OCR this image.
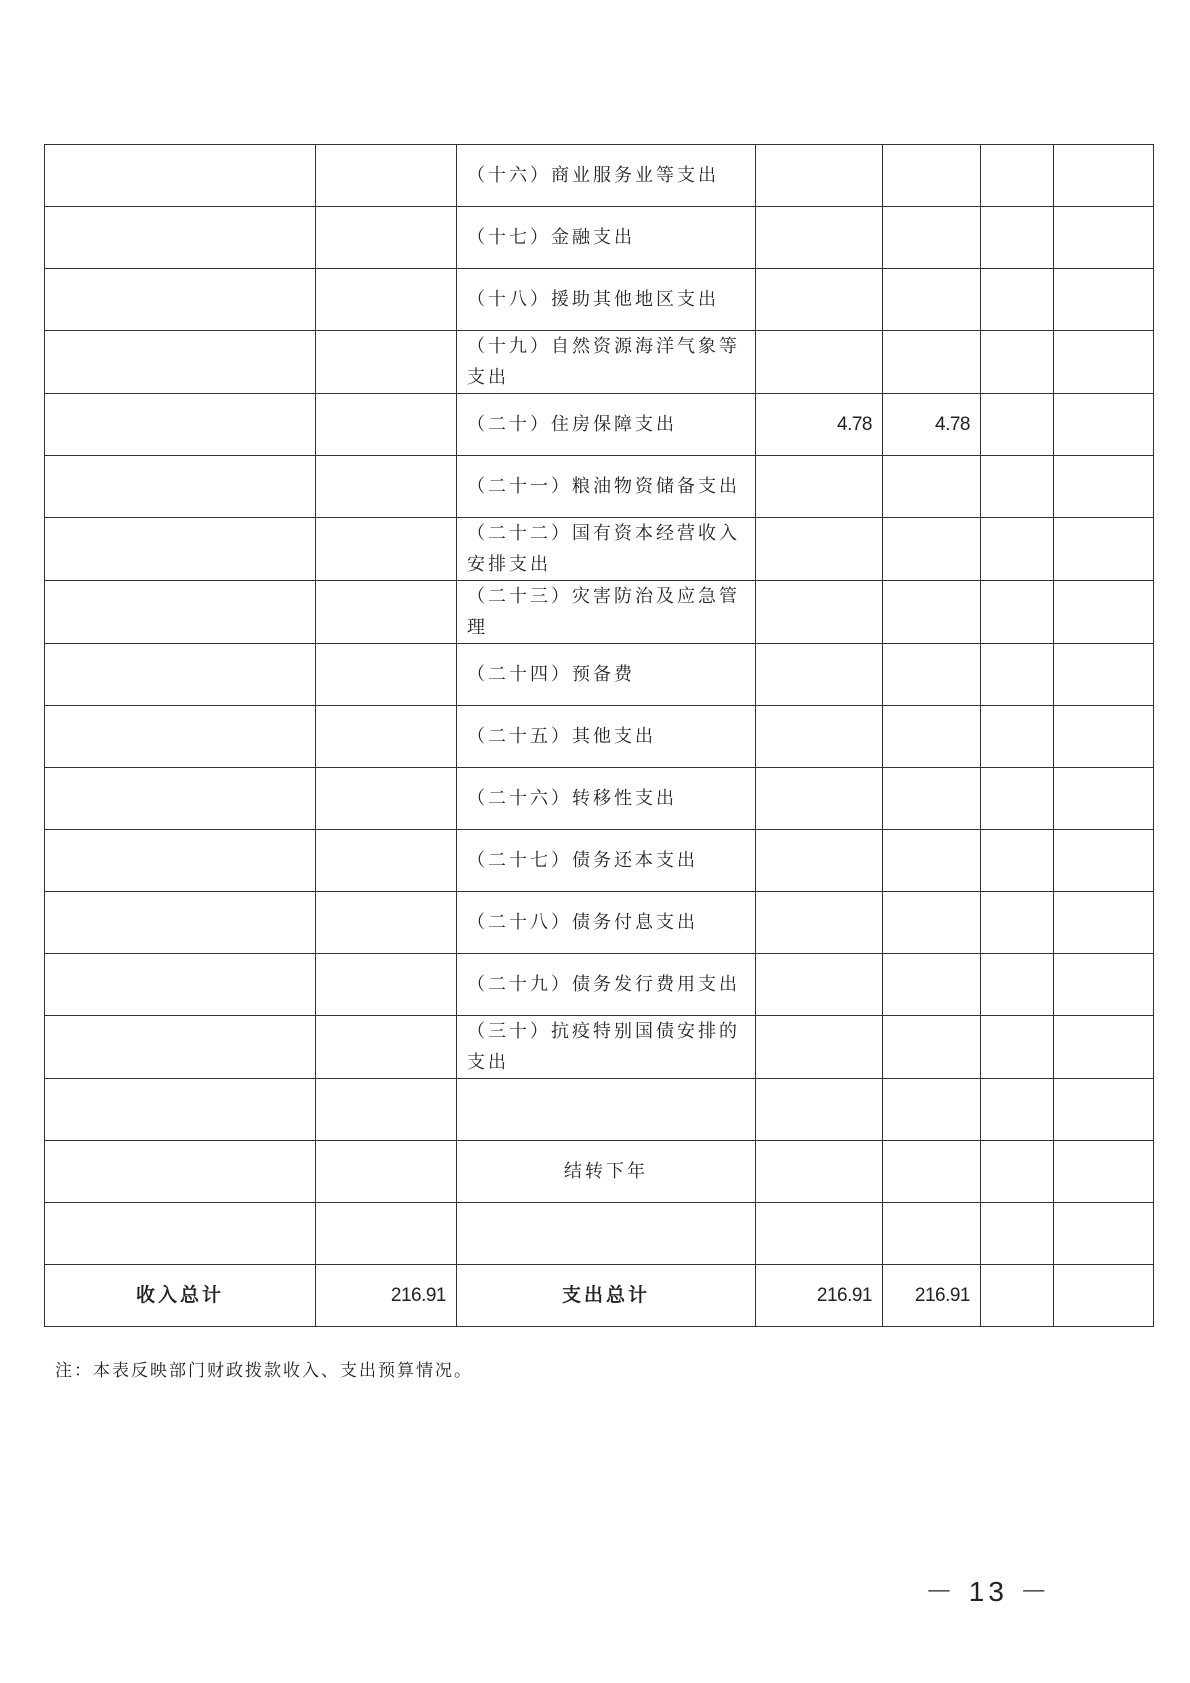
		（十六）商业服务业等支出				
		（十七）金融支出				
		（十八）援助其他地区支出				
		（十九）自然资源海洋气象等支出				
		（二十）住房保障支出	4.78	4.78		
		（二十一）粮油物资储备支出				
		（二十二）国有资本经营收入安排支出				
		（二十三）灾害防治及应急管理				
		（二十四）预备费				
		（二十五）其他支出				
		（二十六）转移性支出				
		（二十七）债务还本支出				
		（二十八）债务付息支出				
		（二十九）债务发行费用支出				
		（三十）抗疫特别国债安排的支出				

		结转下年				

收入总计	216.91	支出总计	216.91	216.91		
注：本表反映部门财政拨款收入、支出预算情况。
－ 13 －
